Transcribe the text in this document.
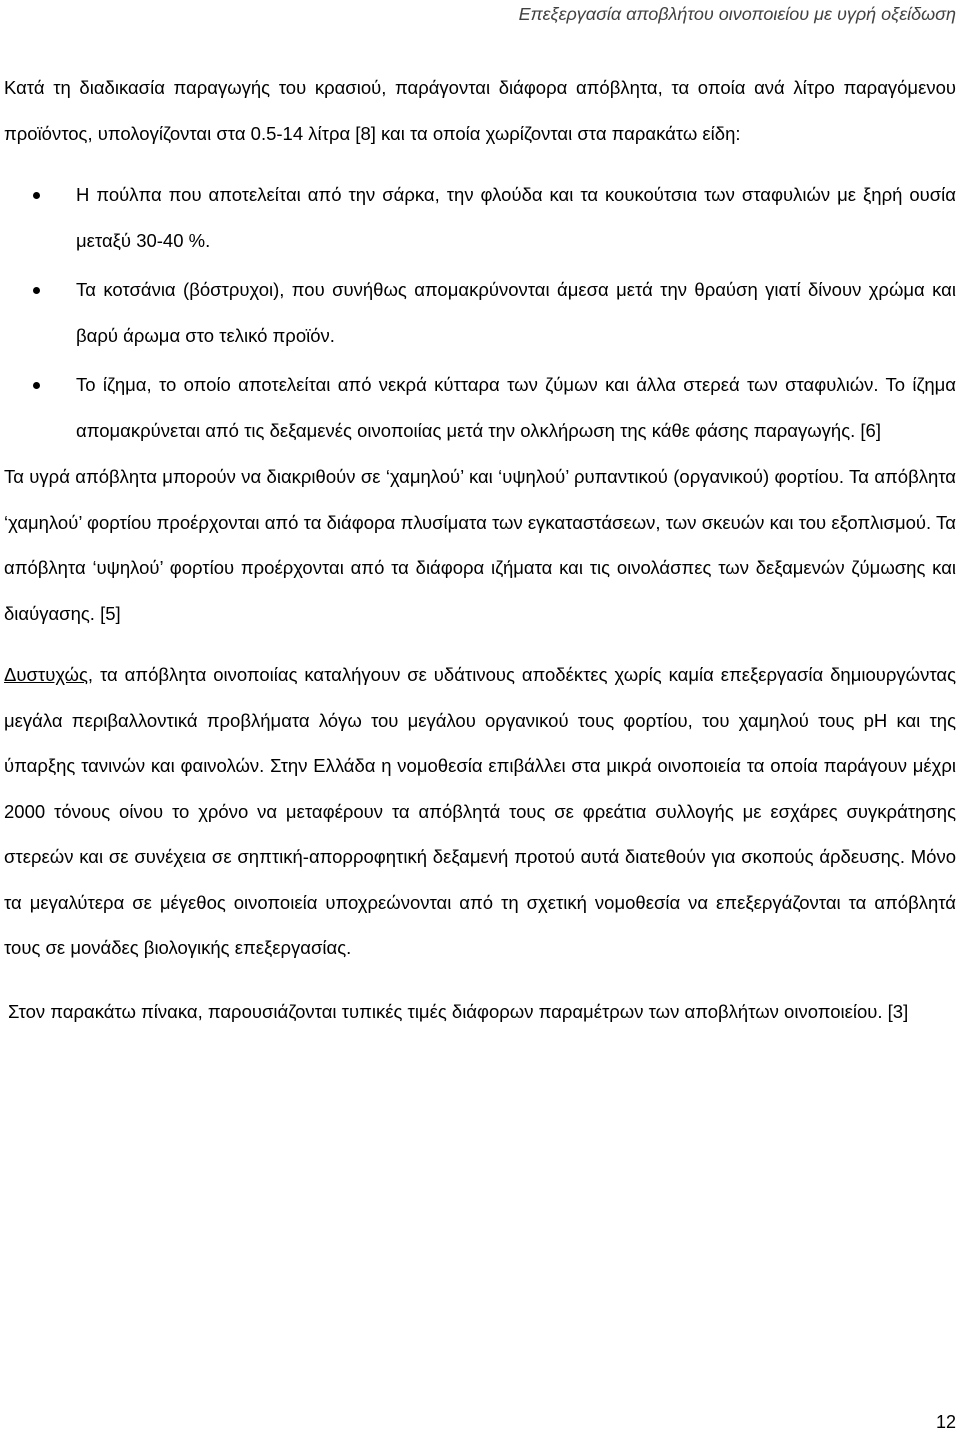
Επεξεργασία αποβλήτου οινοποιείου με υγρή οξείδωση

Κατά τη διαδικασία παραγωγής του κρασιού, παράγονται διάφορα απόβλητα, τα οποία ανά λίτρο παραγόμενου προϊόντος, υπολογίζονται στα 0.5-14 λίτρα [8] και τα οποία χωρίζονται στα παρακάτω είδη:

Η πούλπα που αποτελείται από την σάρκα, την φλούδα και τα κουκούτσια των σταφυλιών με ξηρή ουσία μεταξύ 30-40 %.
Τα κοτσάνια (βόστρυχοι), που συνήθως απομακρύνονται άμεσα μετά την θραύση γιατί δίνουν χρώμα και βαρύ άρωμα στο τελικό προϊόν.
Το ίζημα, το οποίο αποτελείται από νεκρά κύτταρα των ζύμων και άλλα στερεά των σταφυλιών. Το ίζημα απομακρύνεται από τις δεξαμενές οινοποιίας μετά την ολκλήρωση της κάθε φάσης παραγωγής. [6]

Τα υγρά απόβλητα μπορούν να διακριθούν σε ‘χαμηλού’ και ‘υψηλού’ ρυπαντικού (οργανικού) φορτίου. Τα απόβλητα ‘χαμηλού’ φορτίου προέρχονται από τα διάφορα πλυσίματα των εγκαταστάσεων, των σκευών και του εξοπλισμού. Τα απόβλητα ‘υψηλού’ φορτίου προέρχονται από τα διάφορα ιζήματα και τις οινολάσπες των δεξαμενών ζύμωσης και διαύγασης. [5]

Δυστυχώς, τα απόβλητα οινοποιίας καταλήγουν σε υδάτινους αποδέκτες χωρίς καμία επεξεργασία δημιουργώντας μεγάλα περιβαλλοντικά προβλήματα λόγω του μεγάλου οργανικού τους φορτίου, του χαμηλού τους pH και της ύπαρξης τανινών και φαινολών. Στην Ελλάδα η νομοθεσία επιβάλλει στα μικρά οινοποιεία τα οποία παράγουν μέχρι 2000 τόνους οίνου το χρόνο να μεταφέρουν τα απόβλητά τους σε φρεάτια συλλογής με εσχάρες συγκράτησης στερεών και σε συνέχεια σε σηπτική-απορροφητική δεξαμενή προτού αυτά διατεθούν για σκοπούς άρδευσης. Μόνο τα μεγαλύτερα σε μέγεθος οινοποιεία υποχρεώνονται από τη σχετική νομοθεσία να επεξεργάζονται τα απόβλητά τους σε μονάδες βιολογικής επεξεργασίας.

Στον παρακάτω πίνακα, παρουσιάζονται τυπικές τιμές διάφορων παραμέτρων των αποβλήτων οινοποιείου. [3]

12
